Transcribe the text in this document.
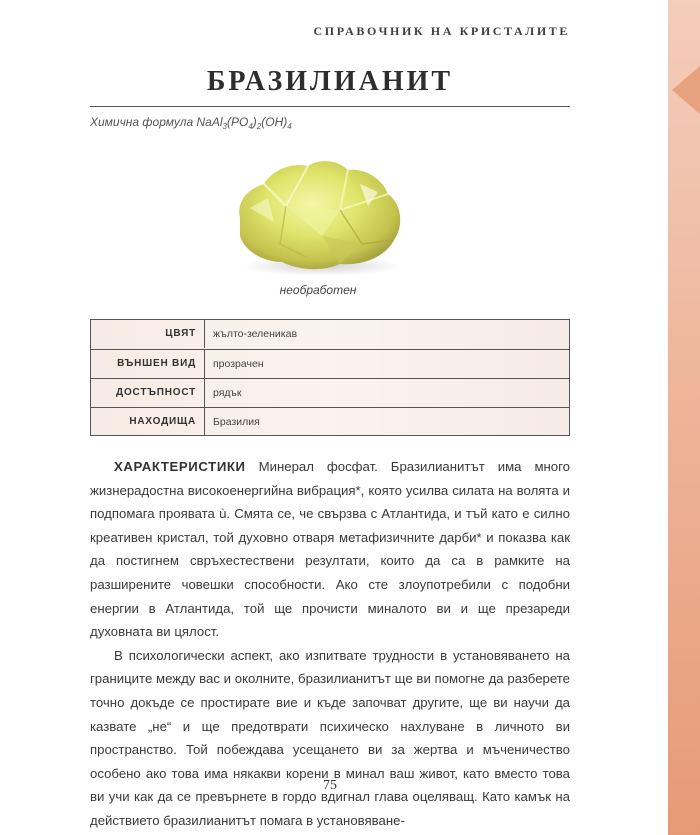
СПРАВОЧНИК НА КРИСТАЛИТЕ
БРАЗИЛИАНИТ
Химична формула $NaAl_3(PO_4)_2(OH)_4$
необработен
ЦВЯТ	жълто-зеленикав
ВЪНШЕН ВИД	прозрачен
ДОСТЪПНОСТ	рядък
НАХОДИЩА	Бразилия

ХАРАКТЕРИСТИКИ Минерал фосфат. Бразилианитът има много жизнерадостна високоенергийна вибрация*, която усилва силата на волята и подпомага проявата ù. Смята се, че свързва с Атлантида, и тъй като е силно креативен кристал, той духовно отваря метафизичните дарби* и показва как да постигнем свръхестествени резултати, които да са в рамките на разширените човешки способности. Ако сте злоупотребили с подобни енергии в Атлантида, той ще прочисти миналото ви и ще презареди духовната ви цялост.

В психологически аспект, ако изпитвате трудности в установяването на границите между вас и околните, бразилианитът ще ви помогне да разберете точно докъде се простирате вие и къде започват другите, ще ви научи да казвате „не“ и ще предотврати психическо нахлуване в личното ви пространство. Той побеждава усещането ви за жертва и мъченичество особено ако това има някакви корени в минал ваш живот, като вместо това ви учи как да се превърнете в гордо вдигнал глава оцеляващ. Като камък на действието бразилианитът помага в установяване-

75
